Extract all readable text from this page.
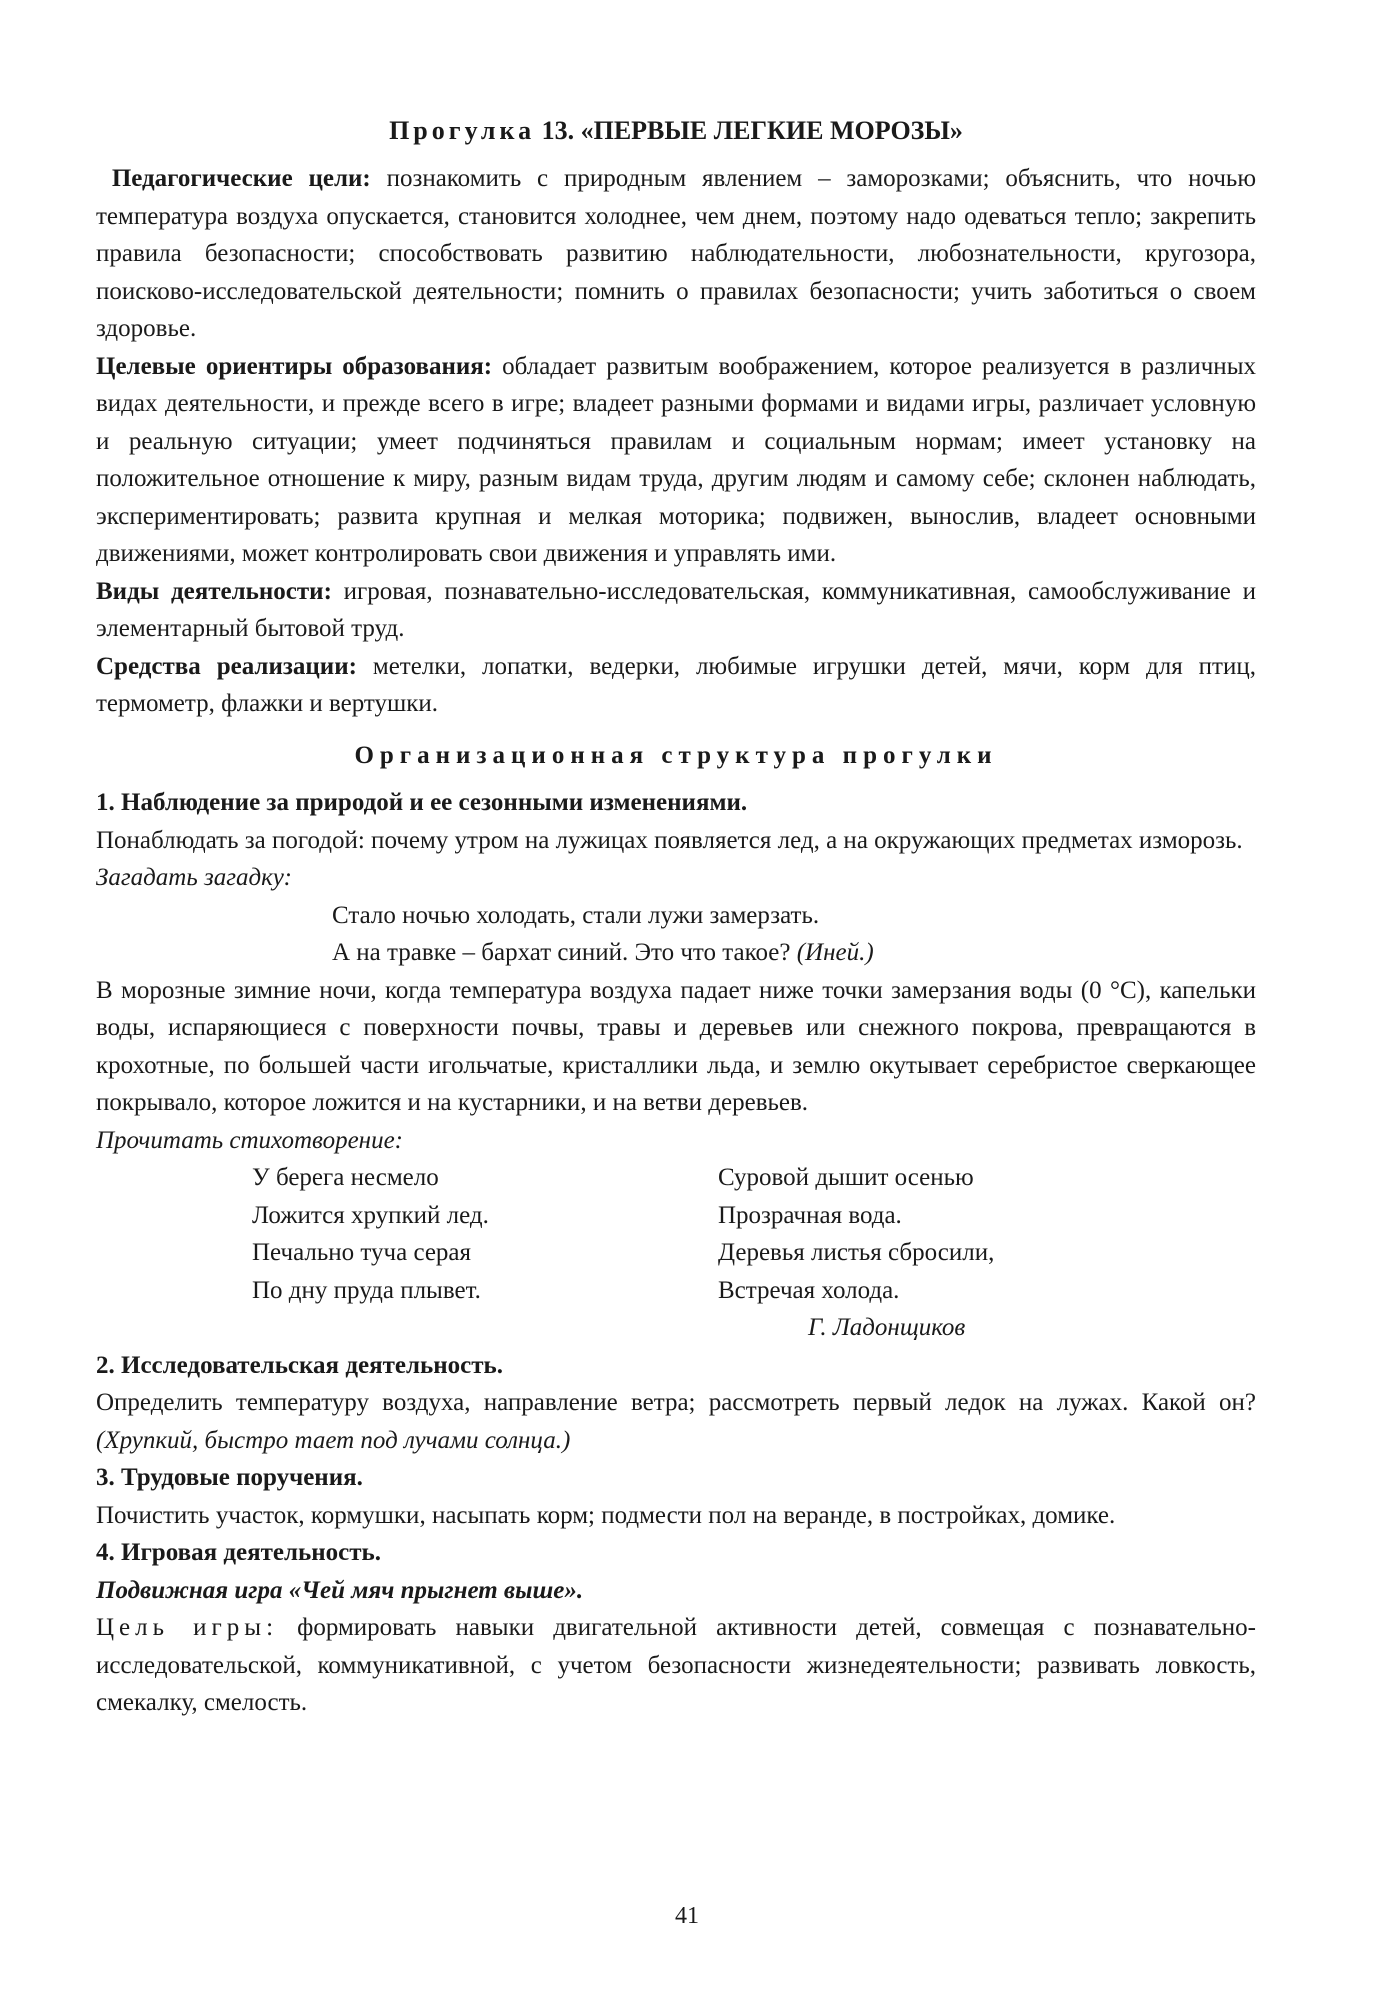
Прогулка 13. «ПЕРВЫЕ ЛЕГКИЕ МОРОЗЫ»

Педагогические цели: познакомить с природным явлением – заморозками; объяснить, что ночью температура воздуха опускается, становится холоднее, чем днем, поэтому надо одеваться тепло; закрепить правила безопасности; способствовать развитию наблюдательности, любознательности, кругозора, поисково-исследовательской деятельности; помнить о правилах безопасности; учить заботиться о своем здоровье.

Целевые ориентиры образования: обладает развитым воображением, которое реализуется в различных видах деятельности, и прежде всего в игре; владеет разными формами и видами игры, различает условную и реальную ситуации; умеет подчиняться правилам и социальным нормам; имеет установку на положительное отношение к миру, разным видам труда, другим людям и самому себе; склонен наблюдать, экспериментировать; развита крупная и мелкая моторика; подвижен, вынослив, владеет основными движениями, может контролировать свои движения и управлять ими.

Виды деятельности: игровая, познавательно-исследовательская, коммуникативная, самообслуживание и элементарный бытовой труд.

Средства реализации: метелки, лопатки, ведерки, любимые игрушки детей, мячи, корм для птиц, термометр, флажки и вертушки.

Организационная структура прогулки

1. Наблюдение за природой и ее сезонными изменениями.

Понаблюдать за погодой: почему утром на лужицах появляется лед, а на окружающих предметах изморозь.

Загадать загадку:

Стало ночью холодать, стали лужи замерзать.

А на травке – бархат синий. Это что такое? (Иней.)

В морозные зимние ночи, когда температура воздуха падает ниже точки замерзания воды (0 °C), капельки воды, испаряющиеся с поверхности почвы, травы и деревьев или снежного покрова, превращаются в крохотные, по большей части игольчатые, кристаллики льда, и землю окутывает серебристое сверкающее покрывало, которое ложится и на кустарники, и на ветви деревьев.

Прочитать стихотворение:

У берега несмело
Ложится хрупкий лед.
Печально туча серая
По дну пруда плывет.
Суровой дышит осенью
Прозрачная вода.
Деревья листья сбросили,
Встречая холода.

Г. Ладонщиков

2. Исследовательская деятельность.

Определить температуру воздуха, направление ветра; рассмотреть первый ледок на лужах. Какой он? (Хрупкий, быстро тает под лучами солнца.)

3. Трудовые поручения.

Почистить участок, кормушки, насыпать корм; подмести пол на веранде, в постройках, домике.

4. Игровая деятельность.

Подвижная игра «Чей мяч прыгнет выше».

Цель игры: формировать навыки двигательной активности детей, совмещая с познавательно-исследовательской, коммуникативной, с учетом безопасности жизнедеятельности; развивать ловкость, смекалку, смелость.

41
